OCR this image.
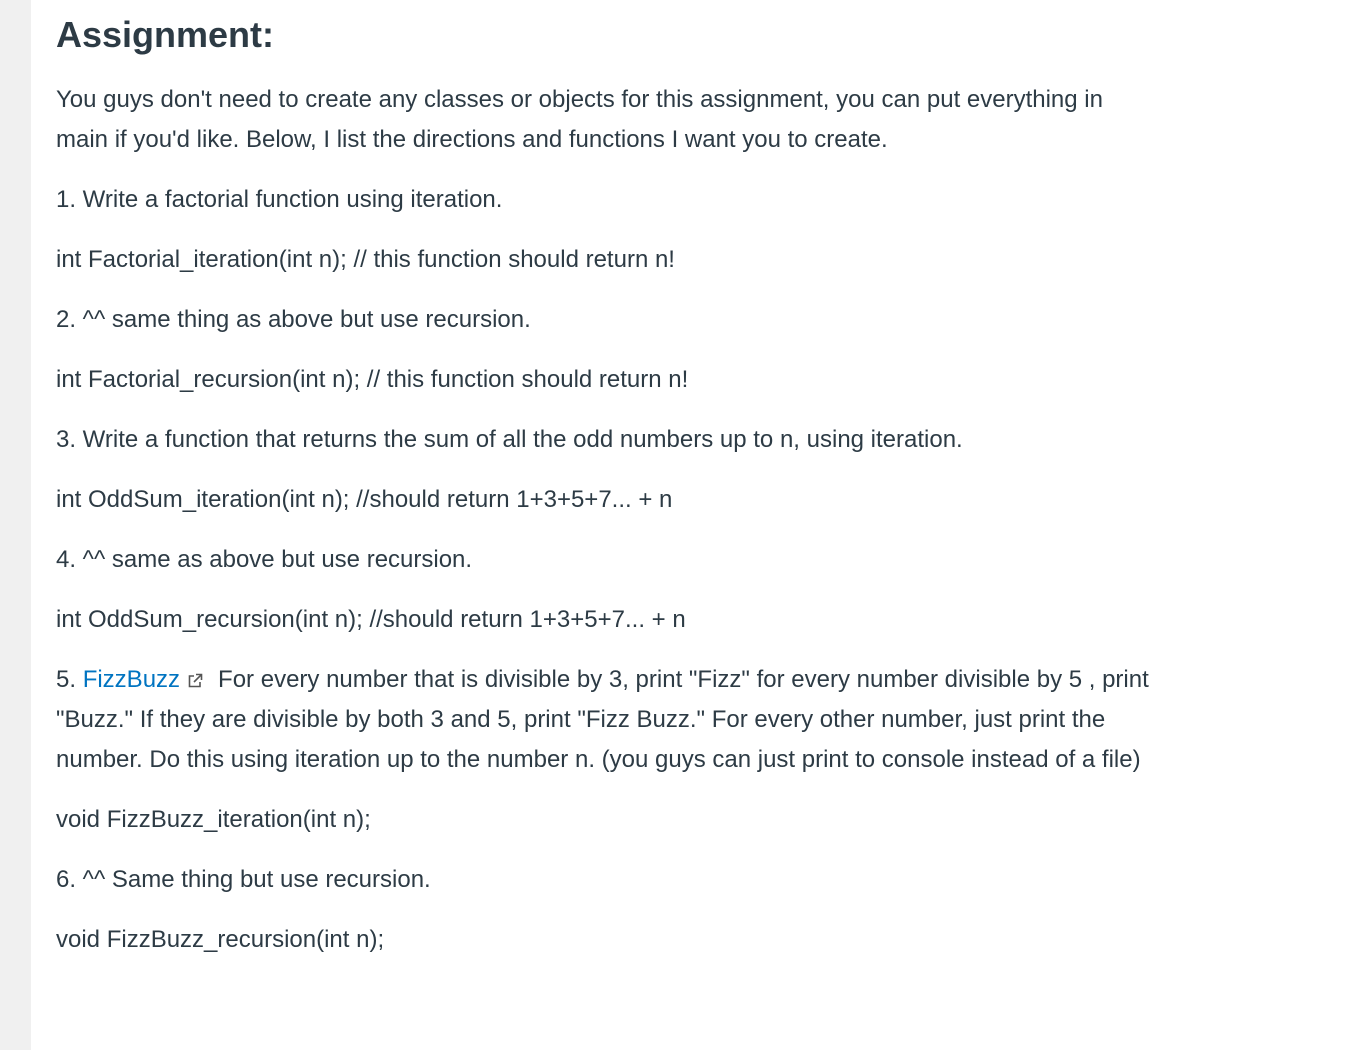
Assignment:

You guys don't need to create any classes or objects for this assignment, you can put everything in

main if you'd like. Below, I list the directions and functions I want you to create.

1. Write a factorial function using iteration.

int Factorial_iteration(int n); // this function should return n!

2. ^^ same thing as above but use recursion.

int Factorial_recursion(int n); // this function should return n!

3. Write a function that returns the sum of all the odd numbers up to n, using iteration.

int OddSum_iteration(int n); //should return 1+3+5+7... + n

4. ^^ same as above but use recursion.

int OddSum_recursion(int n); //should return 1+3+5+7... + n

5. FizzBuzz For every number that is divisible by 3, print "Fizz" for every number divisible by 5 , print

"Buzz." If they are divisible by both 3 and 5, print "Fizz Buzz." For every other number, just print the

number. Do this using iteration up to the number n. (you guys can just print to console instead of a file)

void FizzBuzz_iteration(int n);

6. ^^ Same thing but use recursion.

void FizzBuzz_recursion(int n);
